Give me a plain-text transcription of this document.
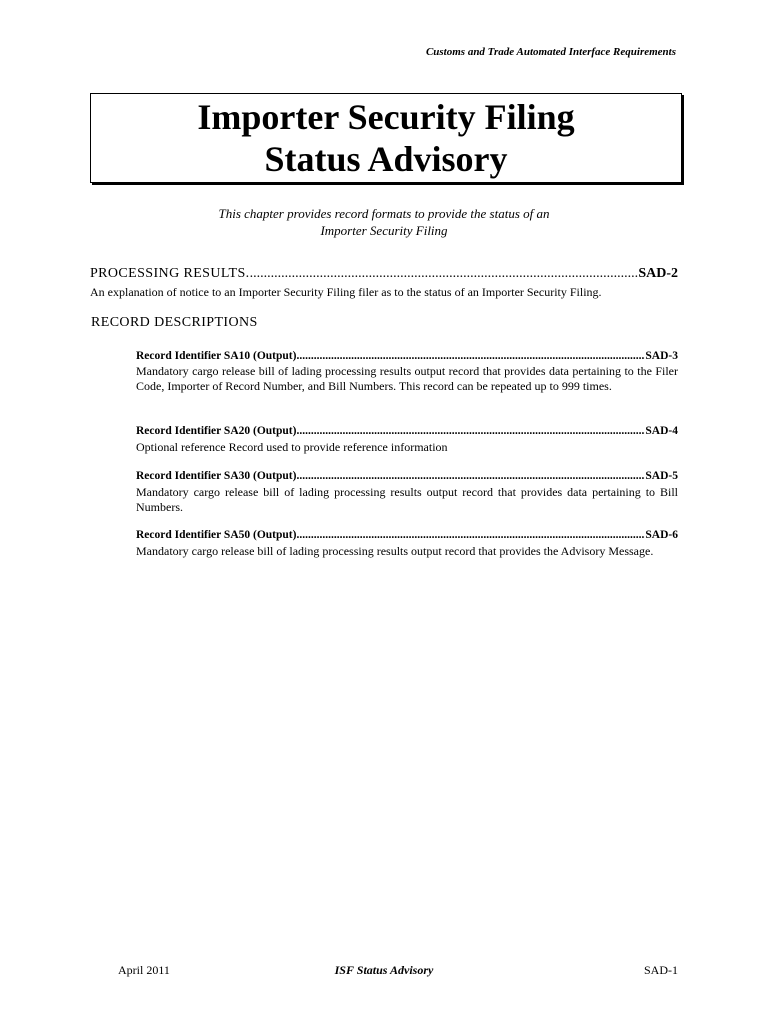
Customs and Trade Automated Interface Requirements
Importer Security Filing
Status Advisory
This chapter provides record formats to provide the status of an
Importer Security Filing
PROCESSING RESULTS. .....	SAD-2
An explanation of notice to an Importer Security Filing filer as to the status of an Importer Security Filing.
RECORD DESCRIPTIONS
Record Identifier SA10 (Output) .....	SAD-3
Mandatory cargo release bill of lading processing results output record that provides data pertaining to the Filer Code, Importer of Record Number, and Bill Numbers. This record can be repeated up to 999 times.
Record Identifier SA20 (Output) .....	SAD-4
Optional reference Record used to provide reference information
Record Identifier SA30 (Output) .....	SAD-5
Mandatory cargo release bill of lading processing results output record that provides data pertaining to Bill Numbers.
Record Identifier SA50 (Output) .....	SAD-6
Mandatory cargo release bill of lading processing results output record that provides the Advisory Message.
April 2011	ISF Status Advisory	SAD-1
